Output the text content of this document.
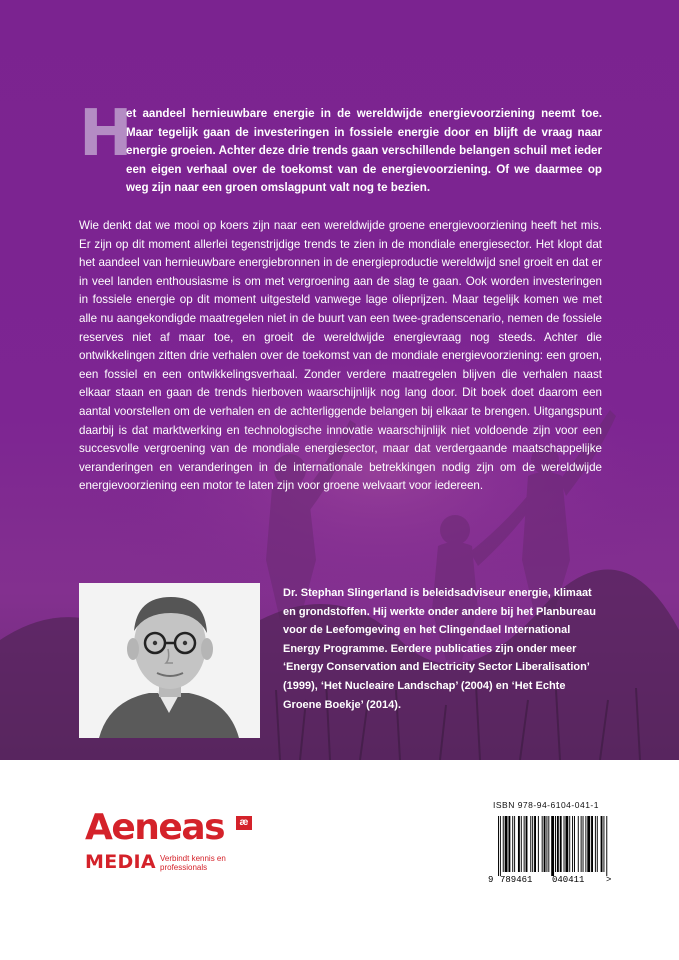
H

et aandeel hernieuwbare energie in de wereldwijde energievoorziening neemt toe. Maar tegelijk gaan de investeringen in fossiele energie door en blijft de vraag naar energie groeien. Achter deze drie trends gaan verschillende belangen schuil met ieder een eigen verhaal over de toekomst van de energievoorziening. Of we daarmee op weg zijn naar een groen omslagpunt valt nog te bezien.

Wie denkt dat we mooi op koers zijn naar een wereldwijde groene energievoorziening heeft het mis. Er zijn op dit moment allerlei tegenstrijdige trends te zien in de mondiale energiesector. Het klopt dat het aandeel van hernieuwbare energiebronnen in de energieproductie wereldwijd snel groeit en dat er in veel landen enthousiasme is om met vergroening aan de slag te gaan. Ook worden investeringen in fossiele energie op dit moment uitgesteld vanwege lage olieprijzen. Maar tegelijk komen we met alle nu aangekondigde maatregelen niet in de buurt van een twee-gradenscenario, nemen de fossiele reserves niet af maar toe, en groeit de wereldwijde energievraag nog steeds. Achter die ontwikkelingen zitten drie verhalen over de toekomst van de mondiale energievoorziening: een groen, een fossiel en een ontwikkelingsverhaal. Zonder verdere maatregelen blijven die verhalen naast elkaar staan en gaan de trends hierboven waarschijnlijk nog lang door. Dit boek doet daarom een aantal voorstellen om de verhalen en de achterliggende belangen bij elkaar te brengen. Uitgangspunt daarbij is dat marktwerking en technologische innovatie waarschijnlijk niet voldoende zijn voor een succesvolle vergroening van de mondiale energiesector, maar dat verdergaande maatschappelijke veranderingen en veranderingen in de internationale betrekkingen nodig zijn om de wereldwijde energievoorziening een motor te laten zijn voor groene welvaart voor iedereen.

Dr. Stephan Slingerland is beleidsadviseur energie, klimaat en grondstoffen. Hij werkte onder andere bij het Planbureau voor de Leefomgeving en het Clingendael International Energy Programme. Eerdere publicaties zijn onder meer ‘Energy Conservation and Electricity Sector Liberalisation’ (1999), ‘Het Nucleaire Landschap’ (2004) en ‘Het Echte Groene Boekje’ (2014).

Aeneas	æ
MEDIA Verbindt kennis en professionals
ISBN 978-94-6104-041-1
9 789461 040411 >
